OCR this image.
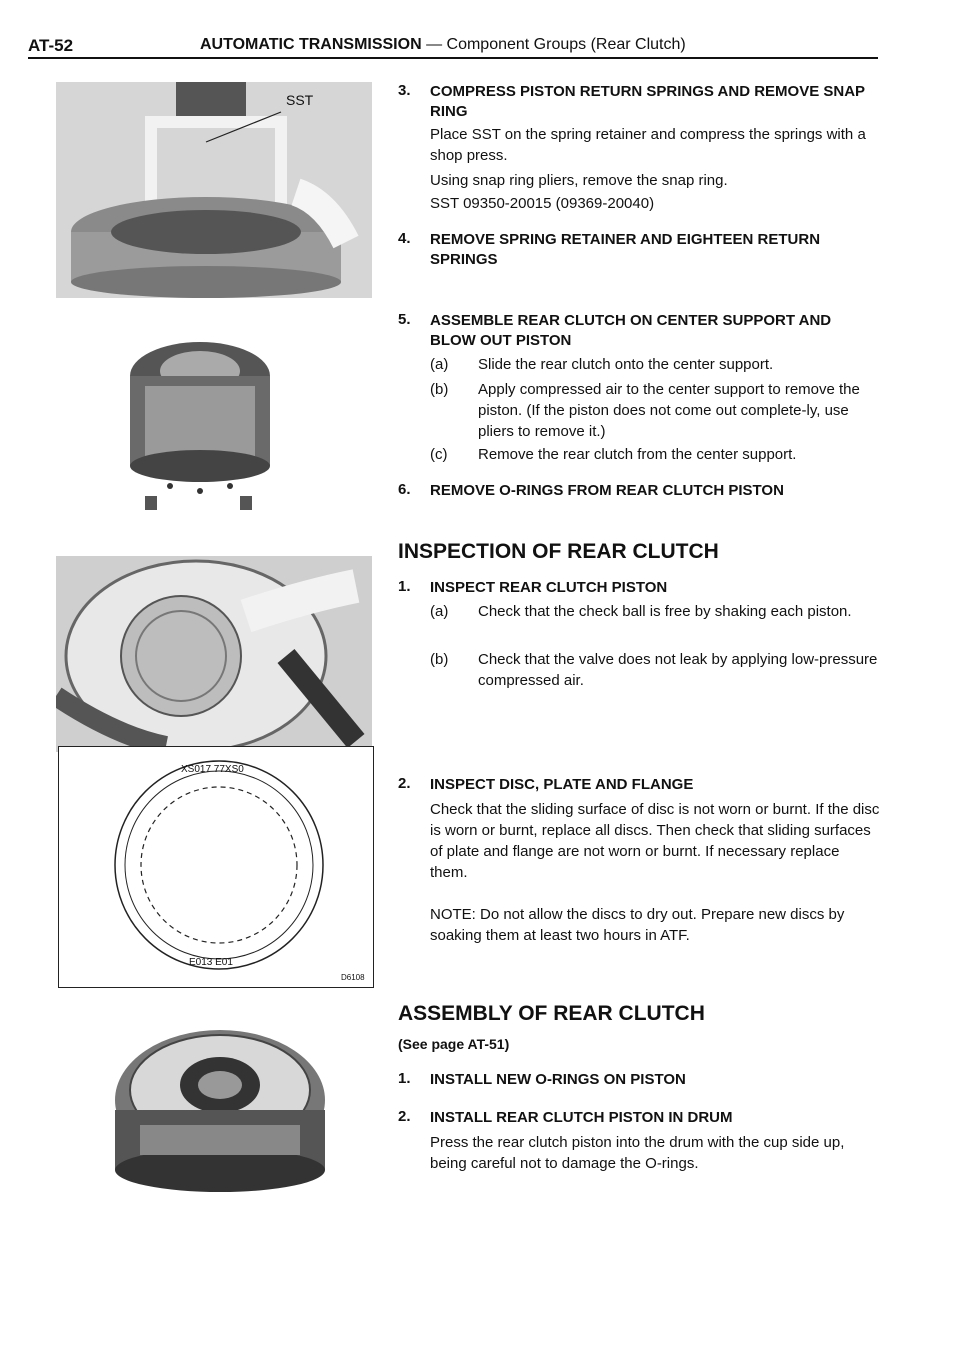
AT-52	AUTOMATIC TRANSMISSION — Component Groups (Rear Clutch)
SST
XS017 77XS0
E013 E01
D6108
3. COMPRESS PISTON RETURN SPRINGS AND REMOVE SNAP RING
Place SST on the spring retainer and compress the springs with a shop press.
Using snap ring pliers, remove the snap ring.
SST 09350-20015 (09369-20040)
4. REMOVE SPRING RETAINER AND EIGHTEEN RETURN SPRINGS
5. ASSEMBLE REAR CLUTCH ON CENTER SUPPORT AND BLOW OUT PISTON
(a) Slide the rear clutch onto the center support.
(b) Apply compressed air to the center support to remove the piston. (If the piston does not come out complete-ly, use pliers to remove it.)
(c) Remove the rear clutch from the center support.
6. REMOVE O-RINGS FROM REAR CLUTCH PISTON
INSPECTION OF REAR CLUTCH
1. INSPECT REAR CLUTCH PISTON
(a) Check that the check ball is free by shaking each piston.
(b) Check that the valve does not leak by applying low-pressure compressed air.
2. INSPECT DISC, PLATE AND FLANGE
Check that the sliding surface of disc is not worn or burnt. If the disc is worn or burnt, replace all discs. Then check that sliding surfaces of plate and flange are not worn or burnt. If necessary replace them.
NOTE: Do not allow the discs to dry out. Prepare new discs by soaking them at least two hours in ATF.
ASSEMBLY OF REAR CLUTCH
(See page AT-51)
1. INSTALL NEW O-RINGS ON PISTON
2. INSTALL REAR CLUTCH PISTON IN DRUM
Press the rear clutch piston into the drum with the cup side up, being careful not to damage the O-rings.
